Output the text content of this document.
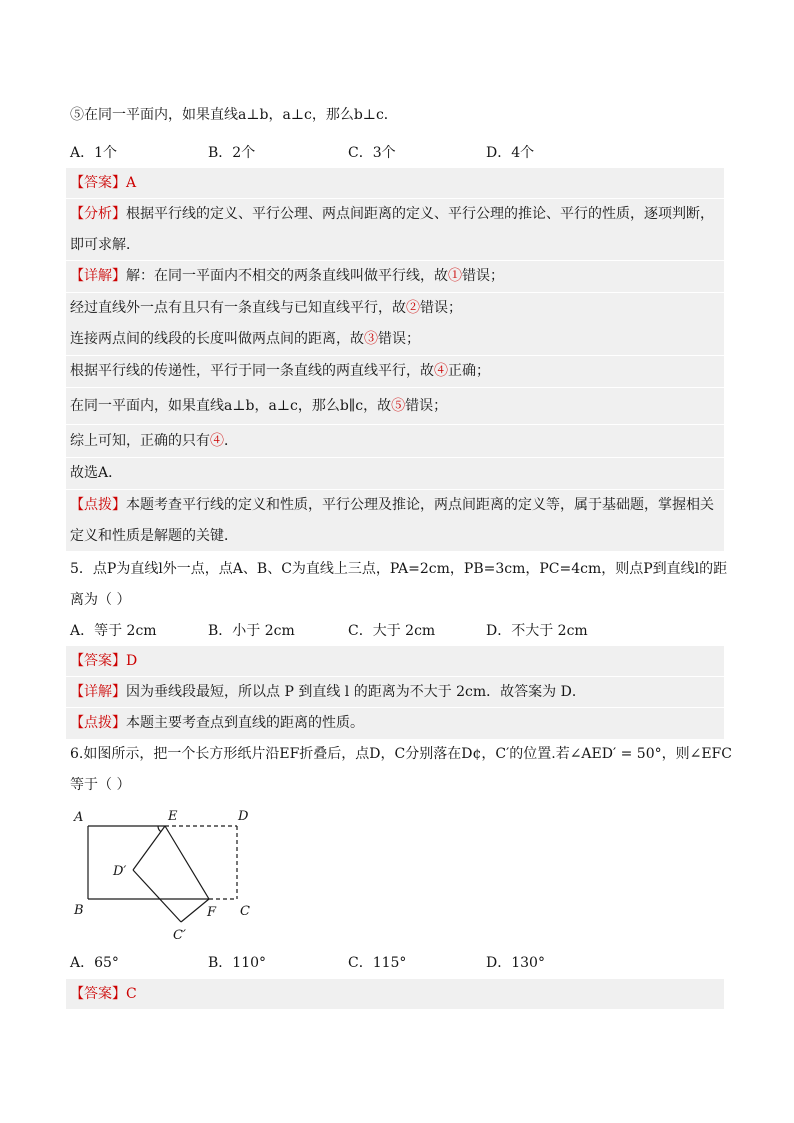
⑤在同一平面内，如果直线a⊥b，a⊥c，那么b⊥c．
A．1个	B．2个	C．3个	D．4个
【答案】A
【分析】根据平行线的定义、平行公理、两点间距离的定义、平行公理的推论、平行的性质，逐项判断，
即可求解．
【详解】解：在同一平面内不相交的两条直线叫做平行线，故①错误；
经过直线外一点有且只有一条直线与已知直线平行，故②错误；
连接两点间的线段的长度叫做两点间的距离，故③错误；
根据平行线的传递性，平行于同一条直线的两直线平行，故④正确；
在同一平面内，如果直线a⊥b，a⊥c，那么b∥c，故⑤错误；
综上可知，正确的只有④．
故选A．
【点拨】本题考查平行线的定义和性质，平行公理及推论，两点间距离的定义等，属于基础题，掌握相关
定义和性质是解题的关键．
5．点P为直线l外一点，点A、B、C为直线上三点，PA=2cm，PB=3cm，PC=4cm，则点P到直线l的距
离为（ ）
A．等于 2cm	B．小于 2cm	C．大于 2cm	D．不大于 2cm
【答案】D
【详解】因为垂线段最短，所以点 P 到直线 l 的距离为不大于 2cm．故答案为 D．
【点拨】本题主要考查点到直线的距离的性质。
6.如图所示，把一个长方形纸片沿EF折叠后，点D，C分别落在D¢，C′的位置.若∠AED′ = 50°，则∠EFC
等于（ ）
A	E	D
D′
B	F C
C′
A．65°	B．110°	C．115°	D．130°
【答案】C
